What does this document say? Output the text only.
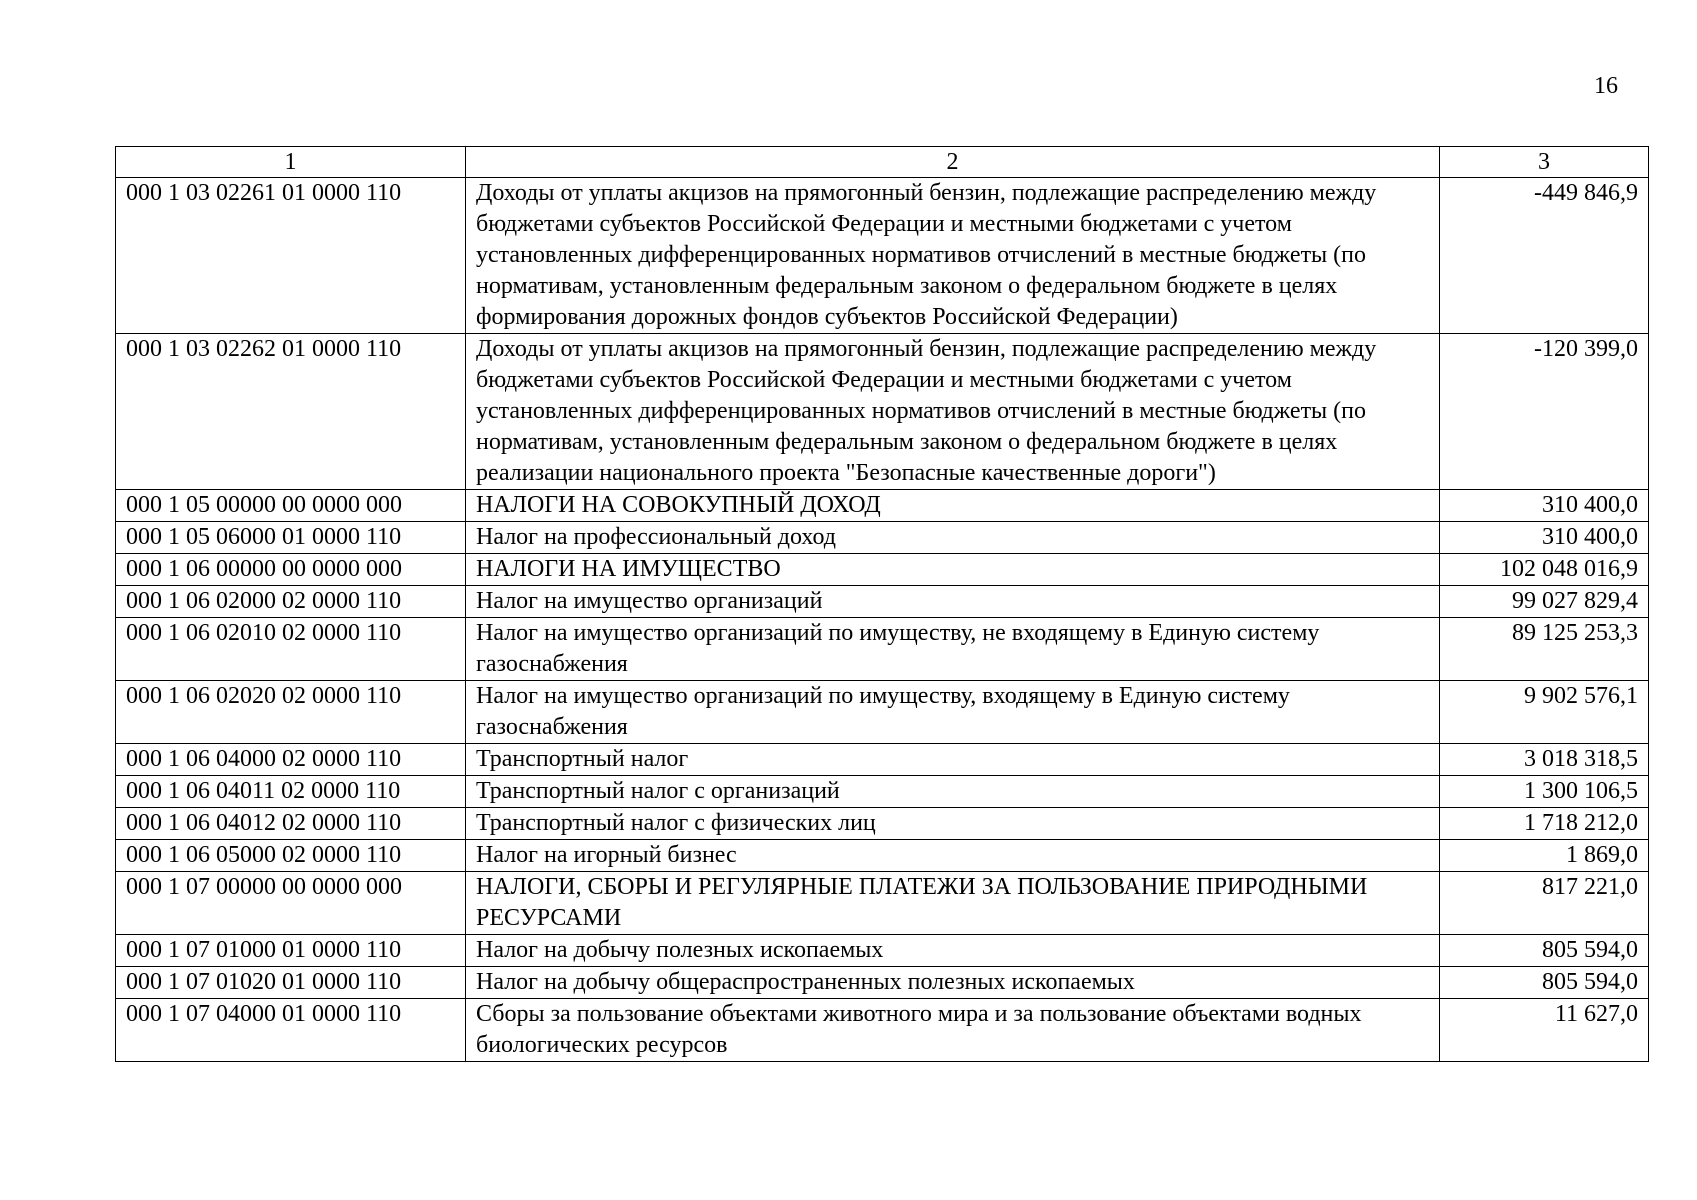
16
1	2	3
000 1 03 02261 01 0000 110	Доходы от уплаты акцизов на прямогонный бензин, подлежащие распределению между бюджетами субъектов Российской Федерации и местными бюджетами с учетом установленных дифференцированных нормативов отчислений в местные бюджеты (по нормативам, установленным федеральным законом о федеральном бюджете в целях формирования дорожных фондов субъектов Российской Федерации)	-449 846,9
000 1 03 02262 01 0000 110	Доходы от уплаты акцизов на прямогонный бензин, подлежащие распределению между бюджетами субъектов Российской Федерации и местными бюджетами с учетом установленных дифференцированных нормативов отчислений в местные бюджеты (по нормативам, установленным федеральным законом о федеральном бюджете в целях реализации национального проекта "Безопасные качественные дороги")	-120 399,0
000 1 05 00000 00 0000 000	НАЛОГИ НА СОВОКУПНЫЙ ДОХОД	310 400,0
000 1 05 06000 01 0000 110	Налог на профессиональный доход	310 400,0
000 1 06 00000 00 0000 000	НАЛОГИ НА ИМУЩЕСТВО	102 048 016,9
000 1 06 02000 02 0000 110	Налог на имущество организаций	99 027 829,4
000 1 06 02010 02 0000 110	Налог на имущество организаций по имуществу, не входящему в Единую систему газоснабжения	89 125 253,3
000 1 06 02020 02 0000 110	Налог на имущество организаций по имуществу, входящему в Единую систему газоснабжения	9 902 576,1
000 1 06 04000 02 0000 110	Транспортный налог	3 018 318,5
000 1 06 04011 02 0000 110	Транспортный налог с организаций	1 300 106,5
000 1 06 04012 02 0000 110	Транспортный налог с физических лиц	1 718 212,0
000 1 06 05000 02 0000 110	Налог на игорный бизнес	1 869,0
000 1 07 00000 00 0000 000	НАЛОГИ, СБОРЫ И РЕГУЛЯРНЫЕ ПЛАТЕЖИ ЗА ПОЛЬЗОВАНИЕ ПРИРОДНЫМИ РЕСУРСАМИ	817 221,0
000 1 07 01000 01 0000 110	Налог на добычу полезных ископаемых	805 594,0
000 1 07 01020 01 0000 110	Налог на добычу общераспространенных полезных ископаемых	805 594,0
000 1 07 04000 01 0000 110	Сборы за пользование объектами животного мира и за пользование объектами водных биологических ресурсов	11 627,0
